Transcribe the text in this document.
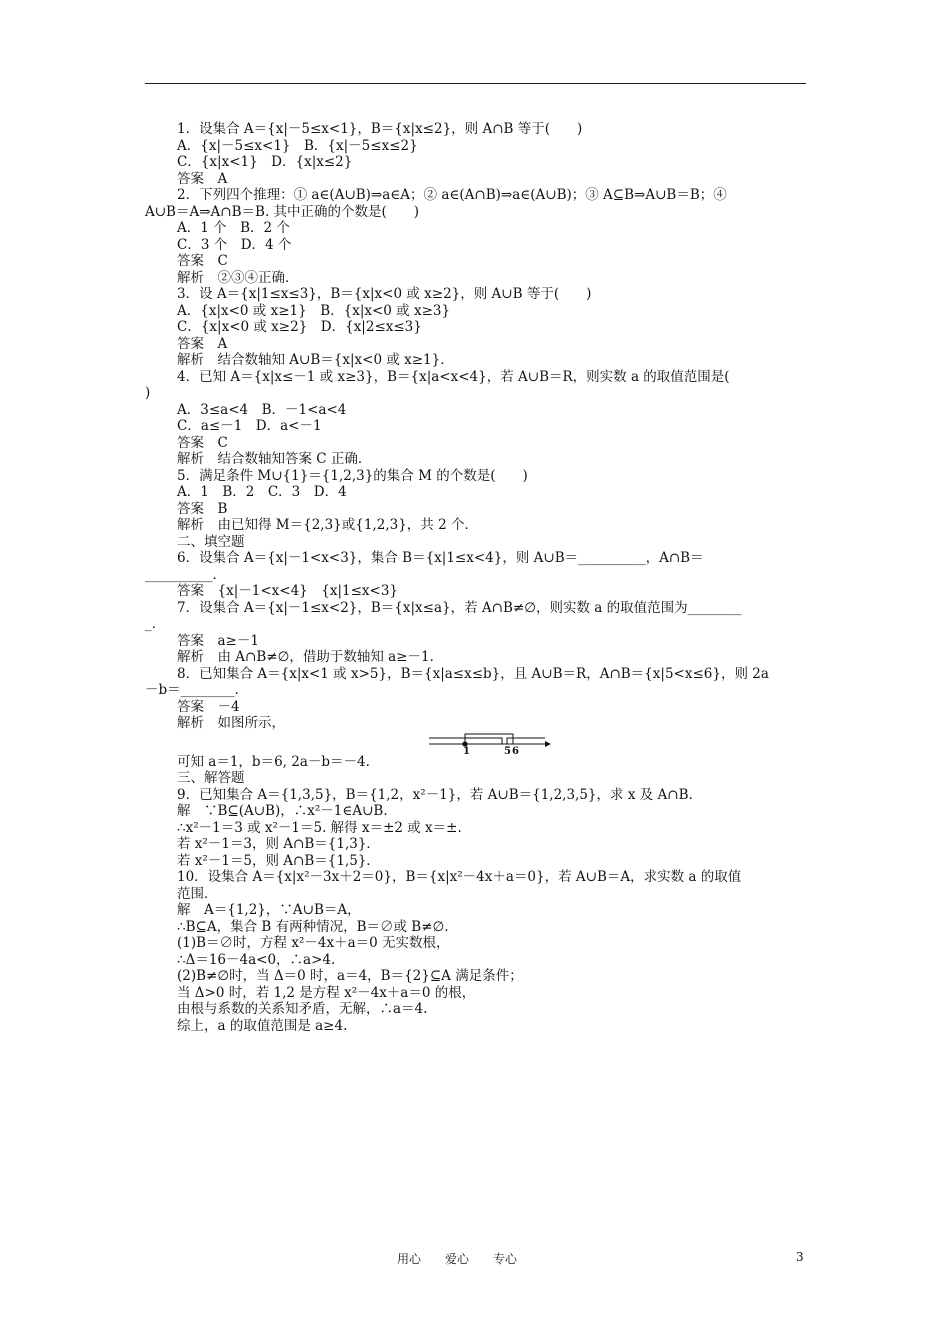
1．设集合 A＝{x|－5≤x<1}，B＝{x|x≤2}，则 A∩B 等于(　　)
A．{x|－5≤x<1}　B．{x|－5≤x≤2}
C．{x|x<1}　D．{x|x≤2}
答案　A
2．下列四个推理：① a∈(A∪B)⇒a∈A；② a∈(A∩B)⇒a∈(A∪B)；③ A⊆B⇒A∪B＝B；④
A∪B＝A⇒A∩B＝B. 其中正确的个数是(　　)
A．1 个　B．2 个
C．3 个　D．4 个
答案　C
解析　②③④正确．
3．设 A＝{x|1≤x≤3}，B＝{x|x<0 或 x≥2}，则 A∪B 等于(　　)
A．{x|x<0 或 x≥1}　B．{x|x<0 或 x≥3}
C．{x|x<0 或 x≥2}　D．{x|2≤x≤3}
答案　A
解析　结合数轴知 A∪B＝{x|x<0 或 x≥1}．
4．已知 A＝{x|x≤－1 或 x≥3}，B＝{x|a<x<4}，若 A∪B＝R，则实数 a 的取值范围是(
)
A．3≤a<4　B．－1<a<4
C．a≤－1　D．a<－1
答案　C
解析　结合数轴知答案 C 正确．
5．满足条件 M∪{1}＝{1,2,3}的集合 M 的个数是(　　)
A．1　B．2　C．3　D．4
答案　B
解析　由已知得 M＝{2,3}或{1,2,3}，共 2 个．
二、填空题
6．设集合 A＝{x|－1<x<3}，集合 B＝{x|1≤x<4}，则 A∪B＝__________，A∩B＝
__________．
答案　{x|－1<x<4}　{x|1≤x<3}
7．设集合 A＝{x|－1≤x<2}，B＝{x|x≤a}，若 A∩B≠∅，则实数 a 的取值范围为________
_．
答案　a≥－1
解析　由 A∩B≠∅，借助于数轴知 a≥－1．
8．已知集合 A＝{x|x<1 或 x>5}，B＝{x|a≤x≤b}，且 A∪B＝R，A∩B＝{x|5<x≤6}，则 2a
－b＝________．
答案　－4
解析　如图所示，
1	5 6
可知 a＝1，b＝6, 2a－b＝－4.
三、解答题
9．已知集合 A＝{1,3,5}，B＝{1,2，x²－1}，若 A∪B＝{1,2,3,5}，求 x 及 A∩B.
解　∵B⊆(A∪B)，∴x²－1∈A∪B.
∴x²－1＝3 或 x²－1＝5. 解得 x＝±2 或 x＝±.
若 x²－1＝3，则 A∩B＝{1,3}．
若 x²－1＝5，则 A∩B＝{1,5}．
10．设集合 A＝{x|x²－3x＋2＝0}，B＝{x|x²－4x＋a＝0}，若 A∪B＝A，求实数 a 的取值
范围．
解　A＝{1,2}，∵A∪B＝A，
∴B⊆A，集合 B 有两种情况，B＝∅或 B≠∅.
(1)B＝∅时，方程 x²－4x＋a＝0 无实数根，
∴Δ＝16－4a<0，∴a>4.
(2)B≠∅时，当 Δ＝0 时，a＝4，B＝{2}⊆A 满足条件；
当 Δ>0 时，若 1,2 是方程 x²－4x＋a＝0 的根，
由根与系数的关系知矛盾，无解，∴a＝4.
综上，a 的取值范围是 a≥4.
用心　　爱心　　专心	3
